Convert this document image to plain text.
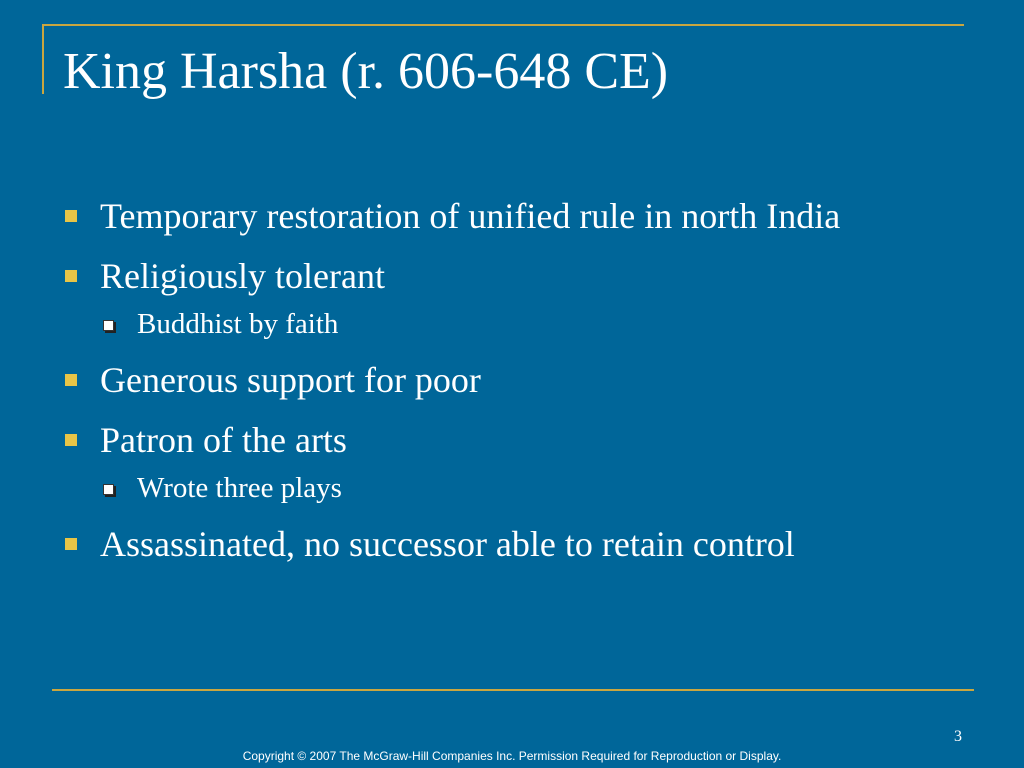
King Harsha (r. 606-648 CE)
Temporary restoration of unified rule in north India
Religiously tolerant
Buddhist by faith
Generous support for poor
Patron of the arts
Wrote three plays
Assassinated, no successor able to retain control
3
Copyright © 2007 The McGraw-Hill Companies Inc. Permission Required for Reproduction or Display.
